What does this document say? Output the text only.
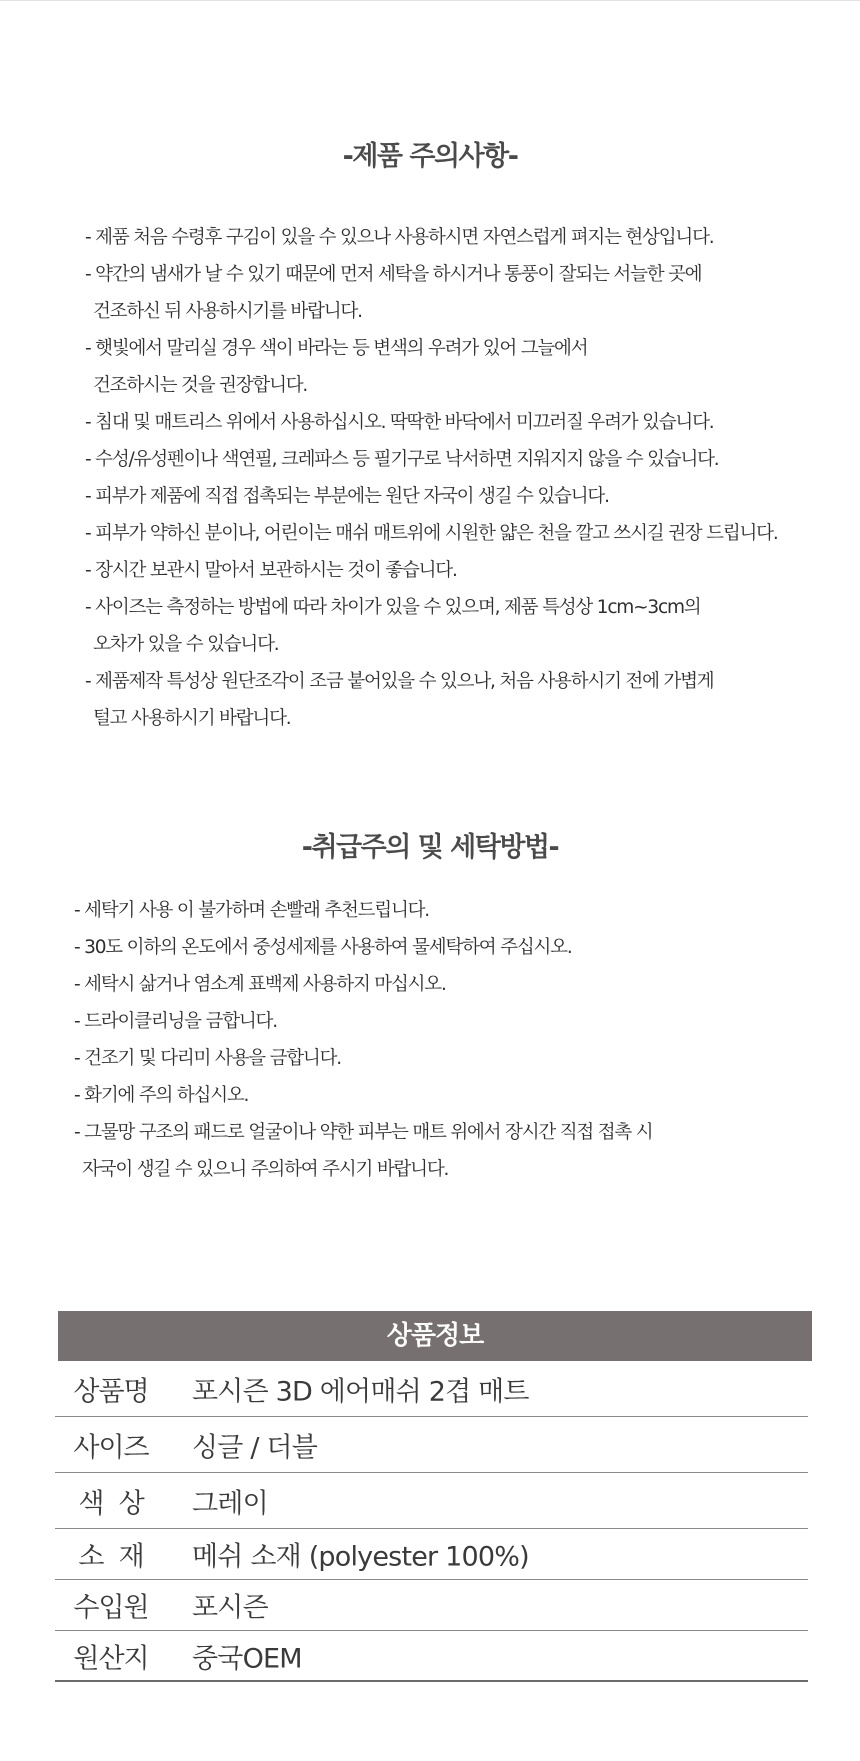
-제품 주의사항-
- 제품 처음 수령후 구김이 있을 수 있으나 사용하시면 자연스럽게 펴지는 현상입니다.
- 약간의 냄새가 날 수 있기 때문에 먼저 세탁을 하시거나 통풍이 잘되는 서늘한 곳에
건조하신 뒤 사용하시기를 바랍니다.
- 햇빛에서 말리실 경우 색이 바라는 등 변색의 우려가 있어 그늘에서
건조하시는 것을 권장합니다.
- 침대 및 매트리스 위에서 사용하십시오. 딱딱한 바닥에서 미끄러질 우려가 있습니다.
- 수성/유성펜이나 색연필, 크레파스 등 필기구로 낙서하면 지워지지 않을 수 있습니다.
- 피부가 제품에 직접 접촉되는 부분에는 원단 자국이 생길 수 있습니다.
- 피부가 약하신 분이나, 어린이는 매쉬 매트위에 시원한 얇은 천을 깔고 쓰시길 권장 드립니다.
- 장시간 보관시 말아서 보관하시는 것이 좋습니다.
- 사이즈는 측정하는 방법에 따라 차이가 있을 수 있으며, 제품 특성상 1cm~3cm의
오차가 있을 수 있습니다.
- 제품제작 특성상 원단조각이 조금 붙어있을 수 있으나, 처음 사용하시기 전에 가볍게
털고 사용하시기 바랍니다.
-취급주의 및 세탁방법-
- 세탁기 사용 이 불가하며 손빨래 추천드립니다.
- 30도 이하의 온도에서 중성세제를 사용하여 물세탁하여 주십시오.
- 세탁시 삶거나 염소계 표백제 사용하지 마십시오.
- 드라이클리닝을 금합니다.
- 건조기 및 다리미 사용을 금합니다.
- 화기에 주의 하십시오.
- 그물망 구조의 패드로 얼굴이나 약한 피부는 매트 위에서 장시간 직접 접촉 시
자국이 생길 수 있으니 주의하여 주시기 바랍니다.
상품정보
상품명	포시즌 3D 에어매쉬 2겹 매트
사이즈	싱글 / 더블
색  상	그레이
소  재	메쉬 소재 (polyester 100%)
수입원	포시즌
원산지	중국OEM
